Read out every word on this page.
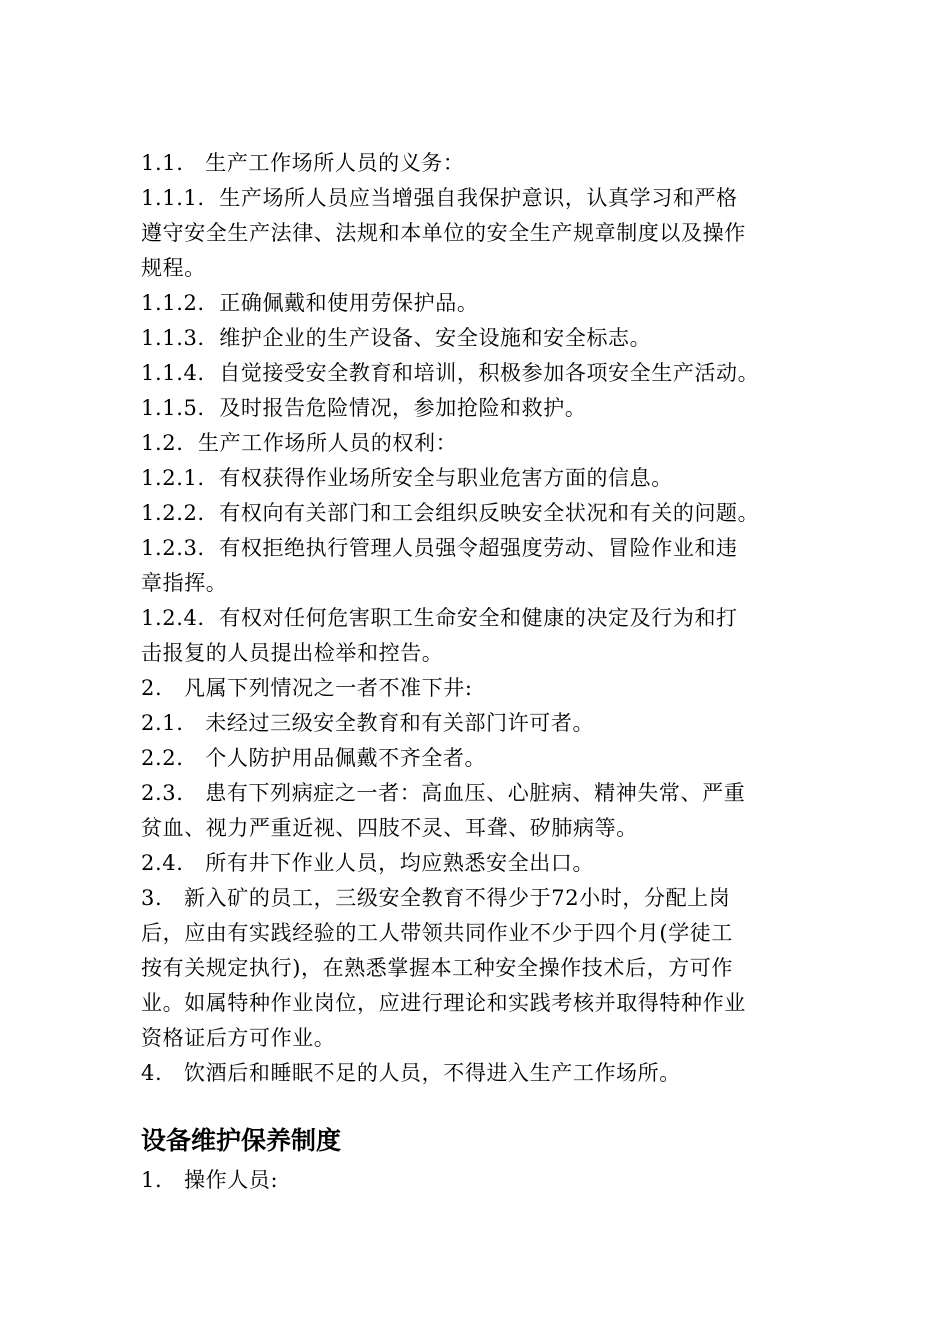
1.1.   生产工作场所人员的义务：
1.1.1.  生产场所人员应当增强自我保护意识，认真学习和严格
遵守安全生产法律、法规和本单位的安全生产规章制度以及操作
规程。
1.1.2.  正确佩戴和使用劳保护品。
1.1.3.  维护企业的生产设备、安全设施和安全标志。
1.1.4.  自觉接受安全教育和培训，积极参加各项安全生产活动。
1.1.5.  及时报告危险情况，参加抢险和救护。
1.2.  生产工作场所人员的权利：
1.2.1.  有权获得作业场所安全与职业危害方面的信息。
1.2.2.  有权向有关部门和工会组织反映安全状况和有关的问题。
1.2.3.  有权拒绝执行管理人员强令超强度劳动、冒险作业和违
章指挥。
1.2.4.  有权对任何危害职工生命安全和健康的决定及行为和打
击报复的人员提出检举和控告。
2.   凡属下列情况之一者不准下井:
2.1.   未经过三级安全教育和有关部门许可者。
2.2.   个人防护用品佩戴不齐全者。
2.3.   患有下列病症之一者：高血压、心脏病、精神失常、严重
贫血、视力严重近视、四肢不灵、耳聋、矽肺病等。
2.4.   所有井下作业人员，均应熟悉安全出口。
3.   新入矿的员工，三级安全教育不得少于72小时，分配上岗
后，应由有实践经验的工人带领共同作业不少于四个月(学徒工
按有关规定执行)，在熟悉掌握本工种安全操作技术后，方可作
业。如属特种作业岗位，应进行理论和实践考核并取得特种作业
资格证后方可作业。
4.   饮酒后和睡眠不足的人员，不得进入生产工作场所。
设备维护保养制度
1.   操作人员:
